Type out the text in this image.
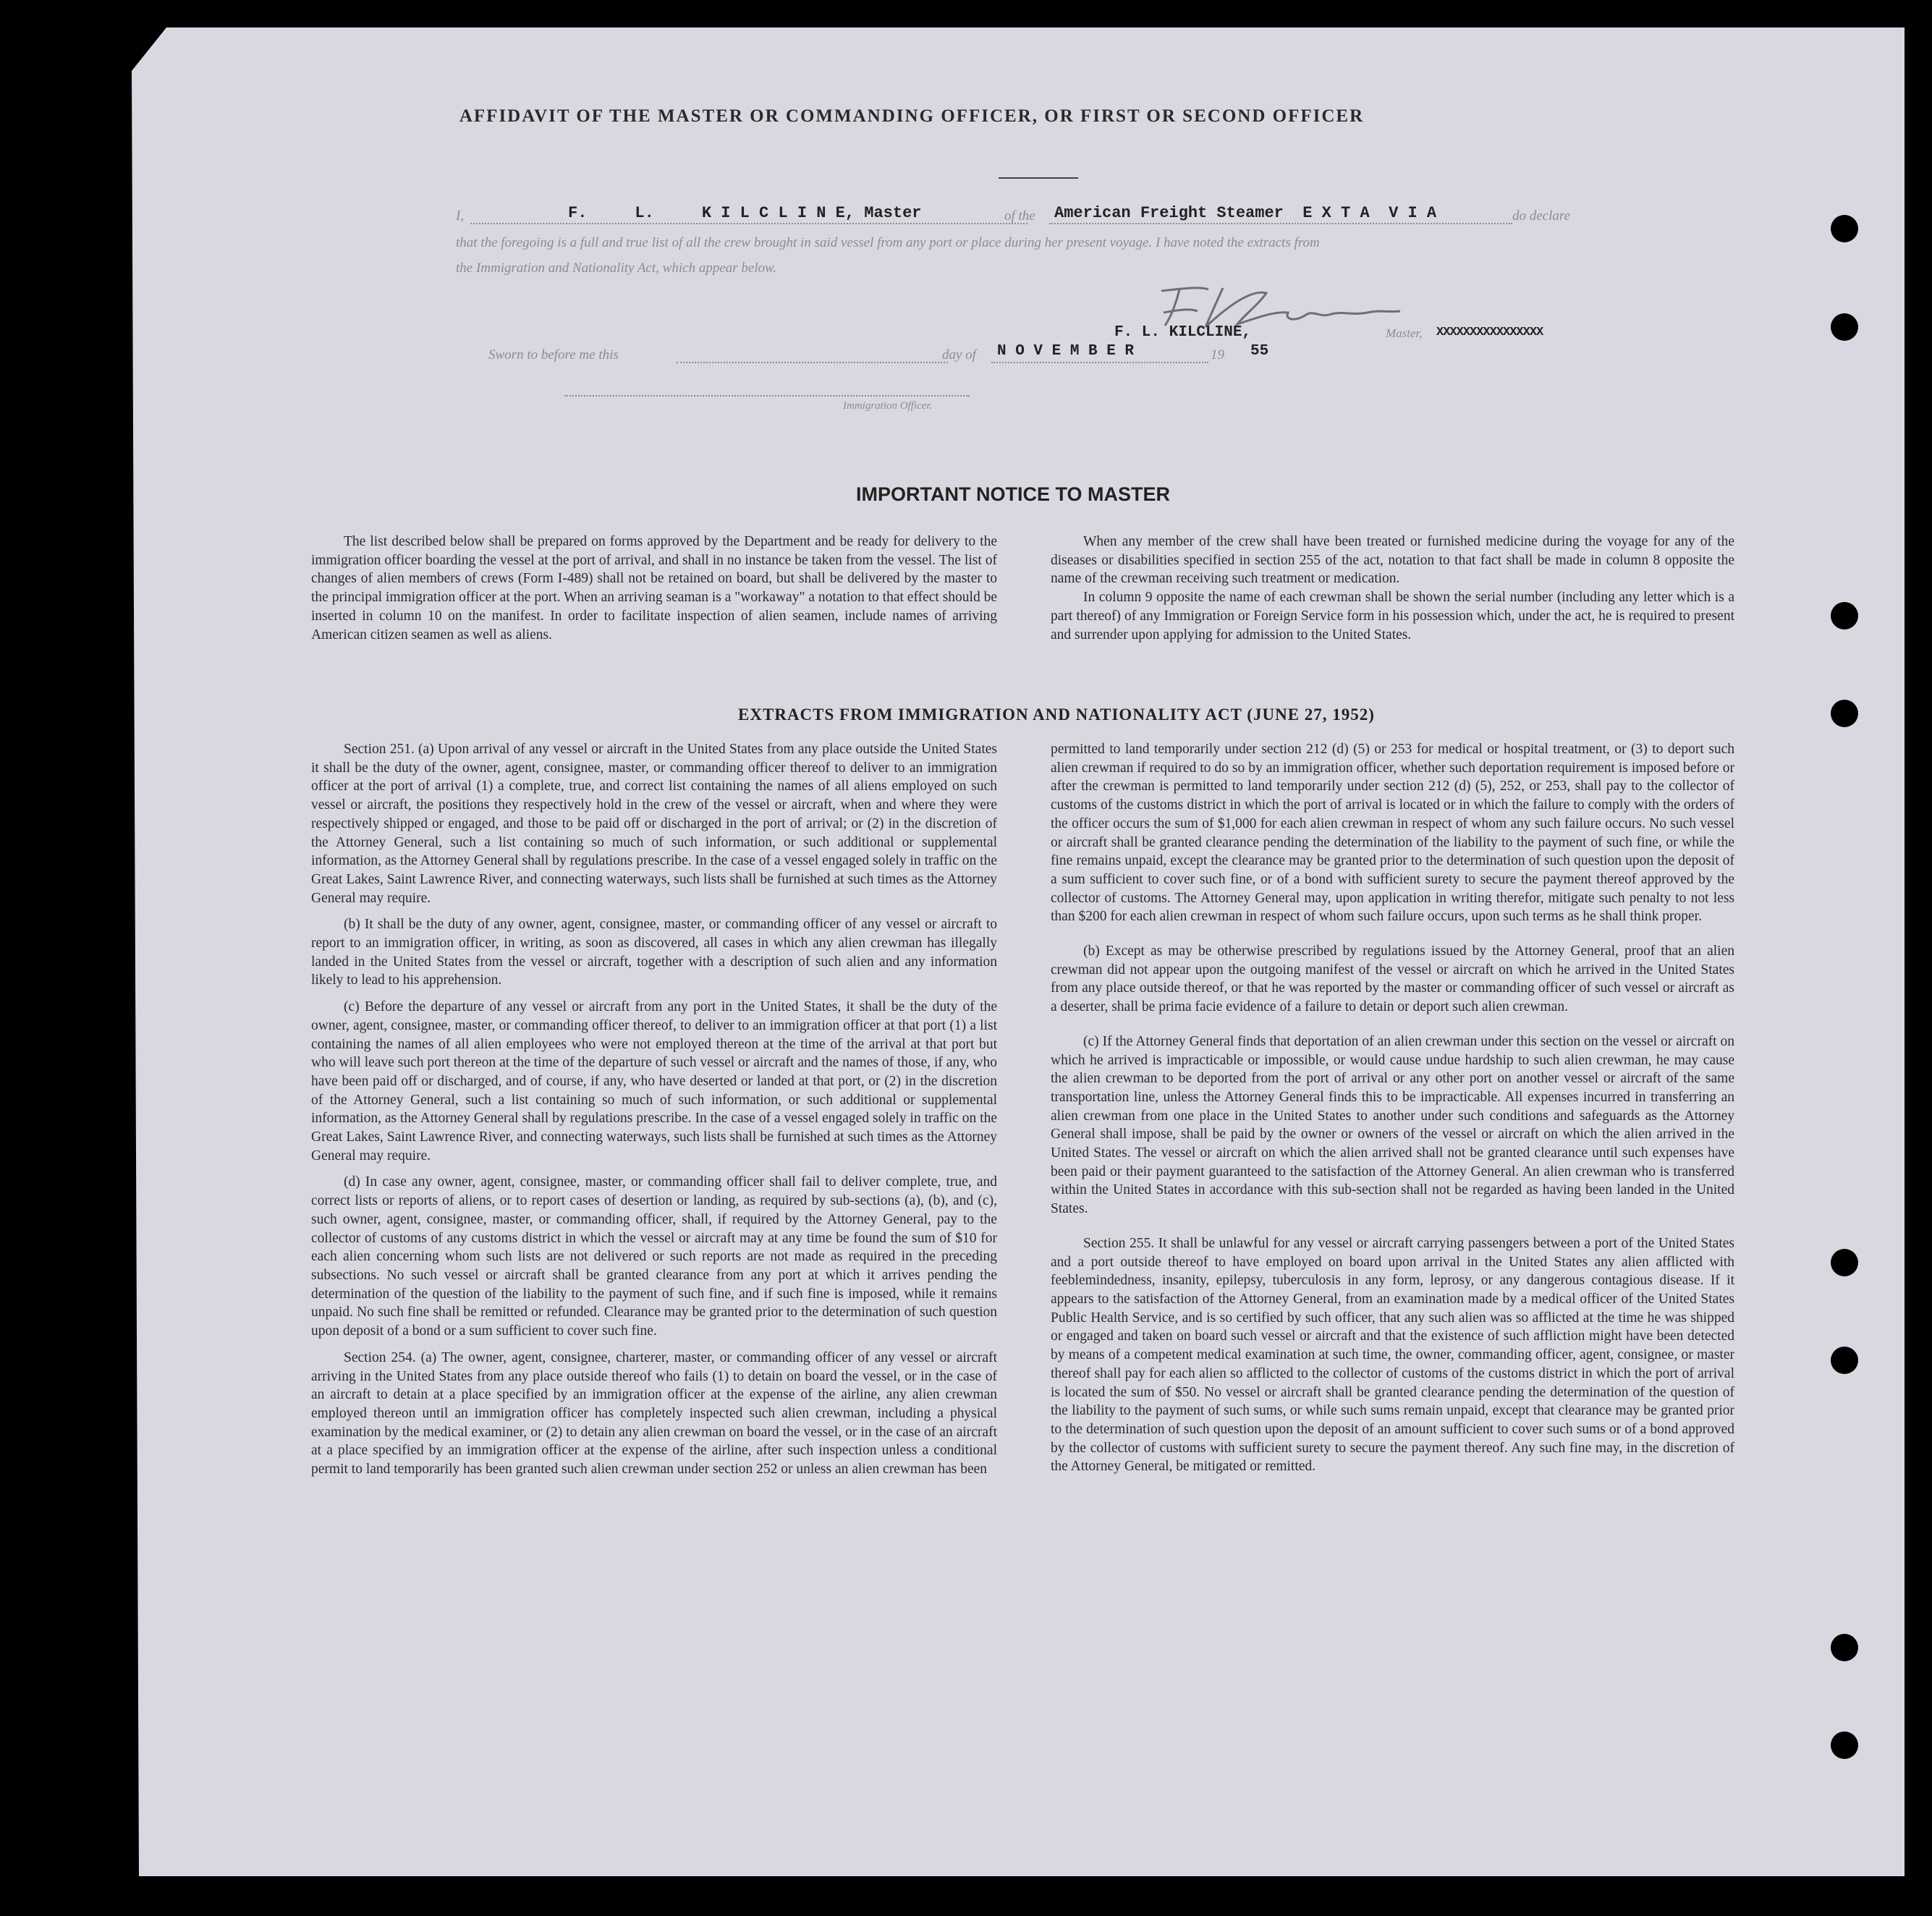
AFFIDAVIT OF THE MASTER OR COMMANDING OFFICER, OR FIRST OR SECOND OFFICER

I,	F.     L.     K I L C L I N E, Master	of the American Freight Steamer  E X T A  V I A	do declare

that the foregoing is a full and true list of all the crew brought in said vessel from any port or place during her present voyage. I have noted the extracts from

the Immigration and Nationality Act, which appear below.

F. L. KILCLINE,	Master, XXXXXXXXXXXXXXXX
Sworn to before me this	day of N O V E M B E R	19 55
Immigration Officer.

IMPORTANT NOTICE TO MASTER

The list described below shall be prepared on forms approved by the Department and be ready for delivery to the immigration officer boarding the vessel at the port of arrival, and shall in no instance be taken from the vessel. The list of changes of alien members of crews (Form I-489) shall not be retained on board, but shall be delivered by the master to the principal immigration officer at the port. When an arriving seaman is a "workaway" a notation to that effect should be inserted in column 10 on the manifest. In order to facilitate inspection of alien seamen, include names of arriving American citizen seamen as well as aliens.

When any member of the crew shall have been treated or furnished medicine during the voyage for any of the diseases or disabilities specified in section 255 of the act, notation to that fact shall be made in column 8 opposite the name of the crewman receiving such treatment or medication.

In column 9 opposite the name of each crewman shall be shown the serial number (including any letter which is a part thereof) of any Immigration or Foreign Service form in his possession which, under the act, he is required to present and surrender upon applying for admission to the United States.

EXTRACTS FROM IMMIGRATION AND NATIONALITY ACT (JUNE 27, 1952)

Section 251. (a) Upon arrival of any vessel or aircraft in the United States from any place outside the United States it shall be the duty of the owner, agent, consignee, master, or commanding officer thereof to deliver to an immigration officer at the port of arrival (1) a complete, true, and correct list containing the names of all aliens employed on such vessel or aircraft, the positions they respectively hold in the crew of the vessel or aircraft, when and where they were respectively shipped or engaged, and those to be paid off or discharged in the port of arrival; or (2) in the discretion of the Attorney General, such a list containing so much of such information, or such additional or supplemental information, as the Attorney General shall by regulations prescribe. In the case of a vessel engaged solely in traffic on the Great Lakes, Saint Lawrence River, and connecting waterways, such lists shall be furnished at such times as the Attorney General may require.

(b) It shall be the duty of any owner, agent, consignee, master, or commanding officer of any vessel or aircraft to report to an immigration officer, in writing, as soon as discovered, all cases in which any alien crewman has illegally landed in the United States from the vessel or aircraft, together with a description of such alien and any information likely to lead to his apprehension.

(c) Before the departure of any vessel or aircraft from any port in the United States, it shall be the duty of the owner, agent, consignee, master, or commanding officer thereof, to deliver to an immigration officer at that port (1) a list containing the names of all alien employees who were not employed thereon at the time of the arrival at that port but who will leave such port thereon at the time of the departure of such vessel or aircraft and the names of those, if any, who have been paid off or discharged, and of course, if any, who have deserted or landed at that port, or (2) in the discretion of the Attorney General, such a list containing so much of such information, or such additional or supplemental information, as the Attorney General shall by regulations prescribe. In the case of a vessel engaged solely in traffic on the Great Lakes, Saint Lawrence River, and connecting waterways, such lists shall be furnished at such times as the Attorney General may require.

(d) In case any owner, agent, consignee, master, or commanding officer shall fail to deliver complete, true, and correct lists or reports of aliens, or to report cases of desertion or landing, as required by sub-sections (a), (b), and (c), such owner, agent, consignee, master, or commanding officer, shall, if required by the Attorney General, pay to the collector of customs of any customs district in which the vessel or aircraft may at any time be found the sum of $10 for each alien concerning whom such lists are not delivered or such reports are not made as required in the preceding subsections. No such vessel or aircraft shall be granted clearance from any port at which it arrives pending the determination of the question of the liability to the payment of such fine, and if such fine is imposed, while it remains unpaid. No such fine shall be remitted or refunded. Clearance may be granted prior to the determination of such question upon deposit of a bond or a sum sufficient to cover such fine.

Section 254. (a) The owner, agent, consignee, charterer, master, or commanding officer of any vessel or aircraft arriving in the United States from any place outside thereof who fails (1) to detain on board the vessel, or in the case of an aircraft to detain at a place specified by an immigration officer at the expense of the airline, any alien crewman employed thereon until an immigration officer has completely inspected such alien crewman, including a physical examination by the medical examiner, or (2) to detain any alien crewman on board the vessel, or in the case of an aircraft at a place specified by an immigration officer at the expense of the airline, after such inspection unless a conditional permit to land temporarily has been granted such alien crewman under section 252 or unless an alien crewman has been

permitted to land temporarily under section 212 (d) (5) or 253 for medical or hospital treatment, or (3) to deport such alien crewman if required to do so by an immigration officer, whether such deportation requirement is imposed before or after the crewman is permitted to land temporarily under section 212 (d) (5), 252, or 253, shall pay to the collector of customs of the customs district in which the port of arrival is located or in which the failure to comply with the orders of the officer occurs the sum of $1,000 for each alien crewman in respect of whom any such failure occurs. No such vessel or aircraft shall be granted clearance pending the determination of the liability to the payment of such fine, or while the fine remains unpaid, except the clearance may be granted prior to the determination of such question upon the deposit of a sum sufficient to cover such fine, or of a bond with sufficient surety to secure the payment thereof approved by the collector of customs. The Attorney General may, upon application in writing therefor, mitigate such penalty to not less than $200 for each alien crewman in respect of whom such failure occurs, upon such terms as he shall think proper.

(b) Except as may be otherwise prescribed by regulations issued by the Attorney General, proof that an alien crewman did not appear upon the outgoing manifest of the vessel or aircraft on which he arrived in the United States from any place outside thereof, or that he was reported by the master or commanding officer of such vessel or aircraft as a deserter, shall be prima facie evidence of a failure to detain or deport such alien crewman.

(c) If the Attorney General finds that deportation of an alien crewman under this section on the vessel or aircraft on which he arrived is impracticable or impossible, or would cause undue hardship to such alien crewman, he may cause the alien crewman to be deported from the port of arrival or any other port on another vessel or aircraft of the same transportation line, unless the Attorney General finds this to be impracticable. All expenses incurred in transferring an alien crewman from one place in the United States to another under such conditions and safeguards as the Attorney General shall impose, shall be paid by the owner or owners of the vessel or aircraft on which the alien arrived in the United States. The vessel or aircraft on which the alien arrived shall not be granted clearance until such expenses have been paid or their payment guaranteed to the satisfaction of the Attorney General. An alien crewman who is transferred within the United States in accordance with this sub-section shall not be regarded as having been landed in the United States.

Section 255. It shall be unlawful for any vessel or aircraft carrying passengers between a port of the United States and a port outside thereof to have employed on board upon arrival in the United States any alien afflicted with feeblemindedness, insanity, epilepsy, tuberculosis in any form, leprosy, or any dangerous contagious disease. If it appears to the satisfaction of the Attorney General, from an examination made by a medical officer of the United States Public Health Service, and is so certified by such officer, that any such alien was so afflicted at the time he was shipped or engaged and taken on board such vessel or aircraft and that the existence of such affliction might have been detected by means of a competent medical examination at such time, the owner, commanding officer, agent, consignee, or master thereof shall pay for each alien so afflicted to the collector of customs of the customs district in which the port of arrival is located the sum of $50. No vessel or aircraft shall be granted clearance pending the determination of the question of the liability to the payment of such sums, or while such sums remain unpaid, except that clearance may be granted prior to the determination of such question upon the deposit of an amount sufficient to cover such sums or of a bond approved by the collector of customs with sufficient surety to secure the payment thereof. Any such fine may, in the discretion of the Attorney General, be mitigated or remitted.
